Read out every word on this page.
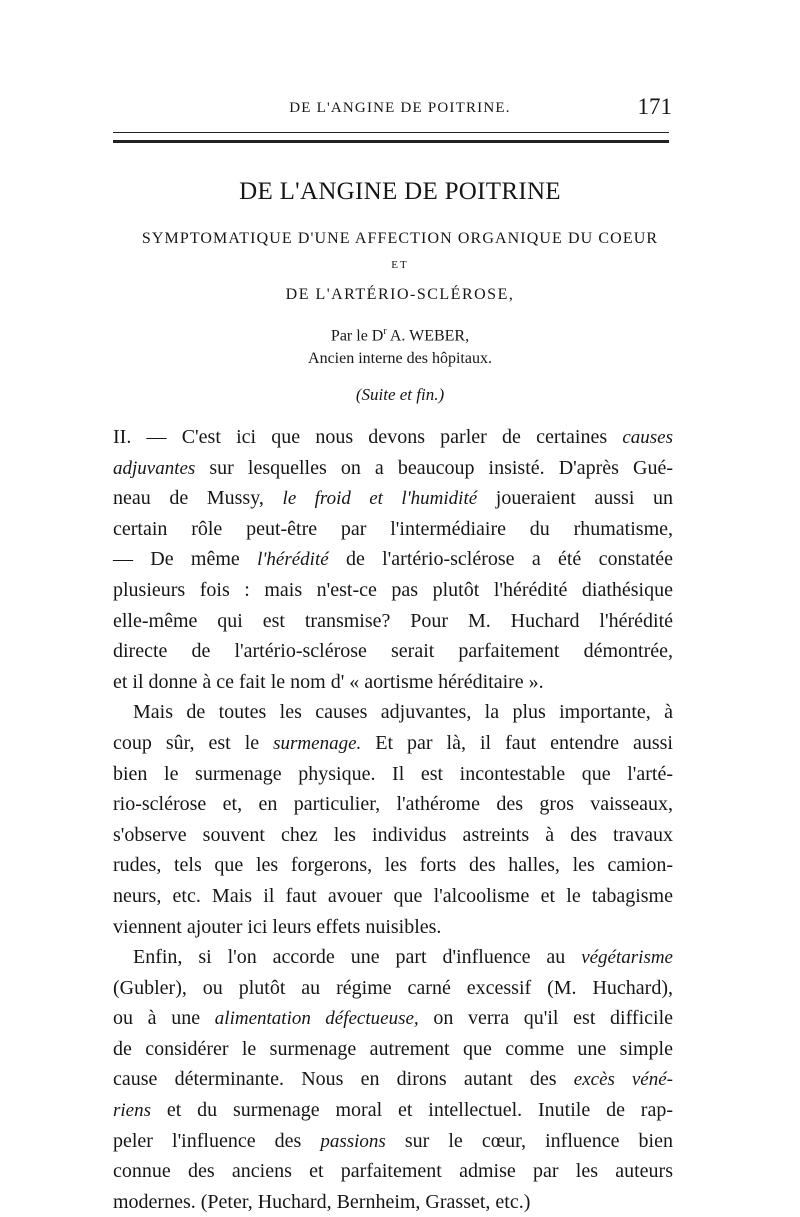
DE L'ANGINE DE POITRINE.	171
DE L'ANGINE DE POITRINE
SYMPTOMATIQUE D'UNE AFFECTION ORGANIQUE DU COEUR
ET
DE L'ARTÉRIO-SCLÉROSE,
Par le $D^r$ A. WEBER,
Ancien interne des hôpitaux.
(Suite et fin.)

II. — C'est ici que nous devons parler de certaines causes

adjuvantes sur lesquelles on a beaucoup insisté. D'après Gué-

neau de Mussy, le froid et l'humidité joueraient aussi un

certain rôle peut-être par l'intermédiaire du rhumatisme,

— De même l'hérédité de l'artério-sclérose a été constatée

plusieurs fois : mais n'est-ce pas plutôt l'hérédité diathésique

elle-même qui est transmise? Pour M. Huchard l'hérédité

directe de l'artério-sclérose serait parfaitement démontrée,

et il donne à ce fait le nom d' « aortisme héréditaire ».

Mais de toutes les causes adjuvantes, la plus importante, à

coup sûr, est le surmenage. Et par là, il faut entendre aussi

bien le surmenage physique. Il est incontestable que l'arté-

rio-sclérose et, en particulier, l'athérome des gros vaisseaux,

s'observe souvent chez les individus astreints à des travaux

rudes, tels que les forgerons, les forts des halles, les camion-

neurs, etc. Mais il faut avouer que l'alcoolisme et le tabagisme

viennent ajouter ici leurs effets nuisibles.

Enfin, si l'on accorde une part d'influence au végétarisme

(Gubler), ou plutôt au régime carné excessif (M. Huchard),

ou à une alimentation défectueuse, on verra qu'il est difficile

de considérer le surmenage autrement que comme une simple

cause déterminante. Nous en dirons autant des excès véné-

riens et du surmenage moral et intellectuel. Inutile de rap-

peler l'influence des passions sur le cœur, influence bien

connue des anciens et parfaitement admise par les auteurs

modernes. (Peter, Huchard, Bernheim, Grasset, etc.)
